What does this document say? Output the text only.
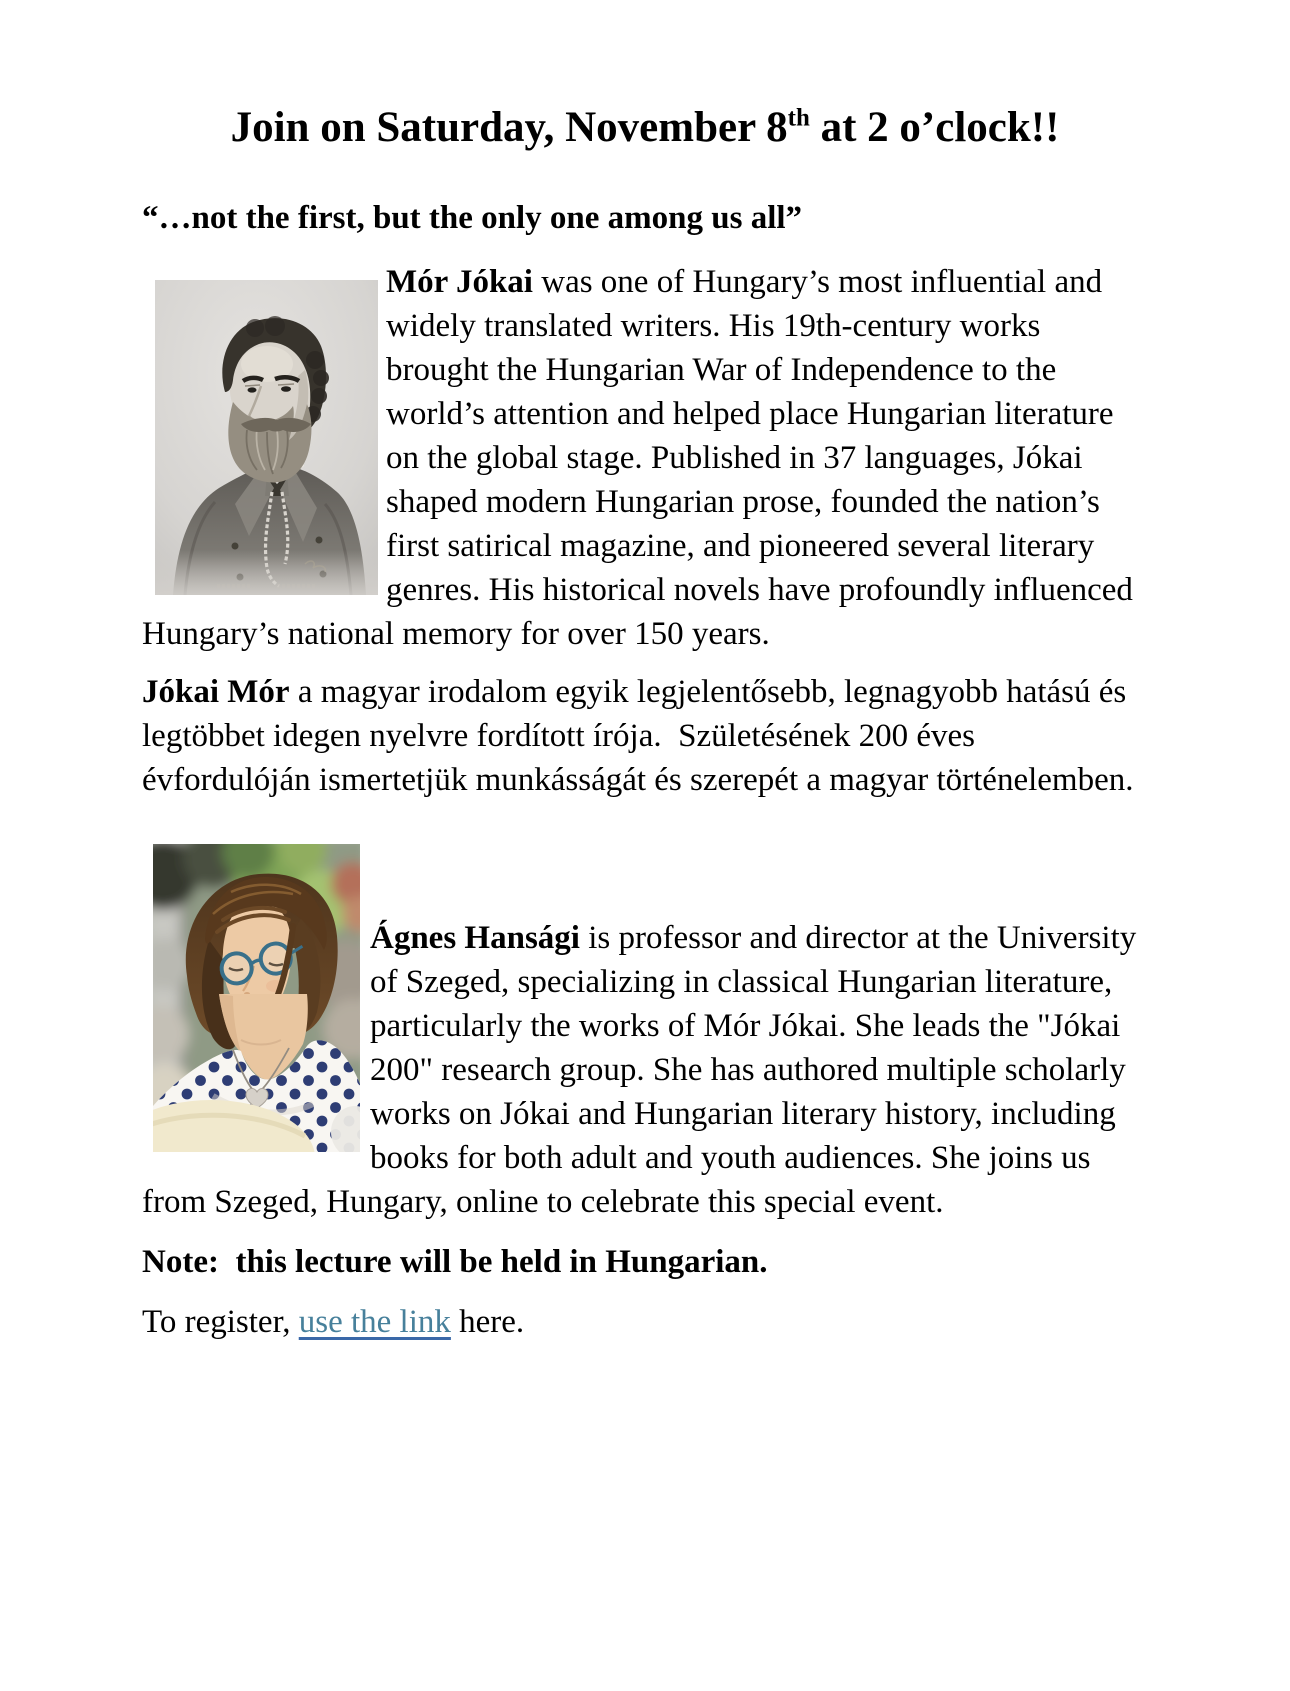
Join on Saturday, November 8th at 2 o’clock!!

“…not the first, but the only one among us all”

Mór Jókai was one of Hungary’s most influential and widely translated writers. His 19th-century works brought the Hungarian War of Independence to the world’s attention and helped place Hungarian literature on the global stage. Published in 37 languages, Jókai shaped modern Hungarian prose, founded the nation’s first satirical magazine, and pioneered several literary genres. His historical novels have profoundly influenced Hungary’s national memory for over 150 years.

Jókai Mór a magyar irodalom egyik legjelentősebb, legnagyobb hatású és legtöbbet idegen nyelvre fordított írója.  Születésének 200 éves évfordulóján ismertetjük munkásságát és szerepét a magyar történelemben.

Ágnes Hansági is professor and director at the University of Szeged, specializing in classical Hungarian literature, particularly the works of Mór Jókai. She leads the "Jókai 200" research group. She has authored multiple scholarly works on Jókai and Hungarian literary history, including books for both adult and youth audiences. She joins us from Szeged, Hungary, online to celebrate this special event.

Note:  this lecture will be held in Hungarian.

To register, use the link here.
